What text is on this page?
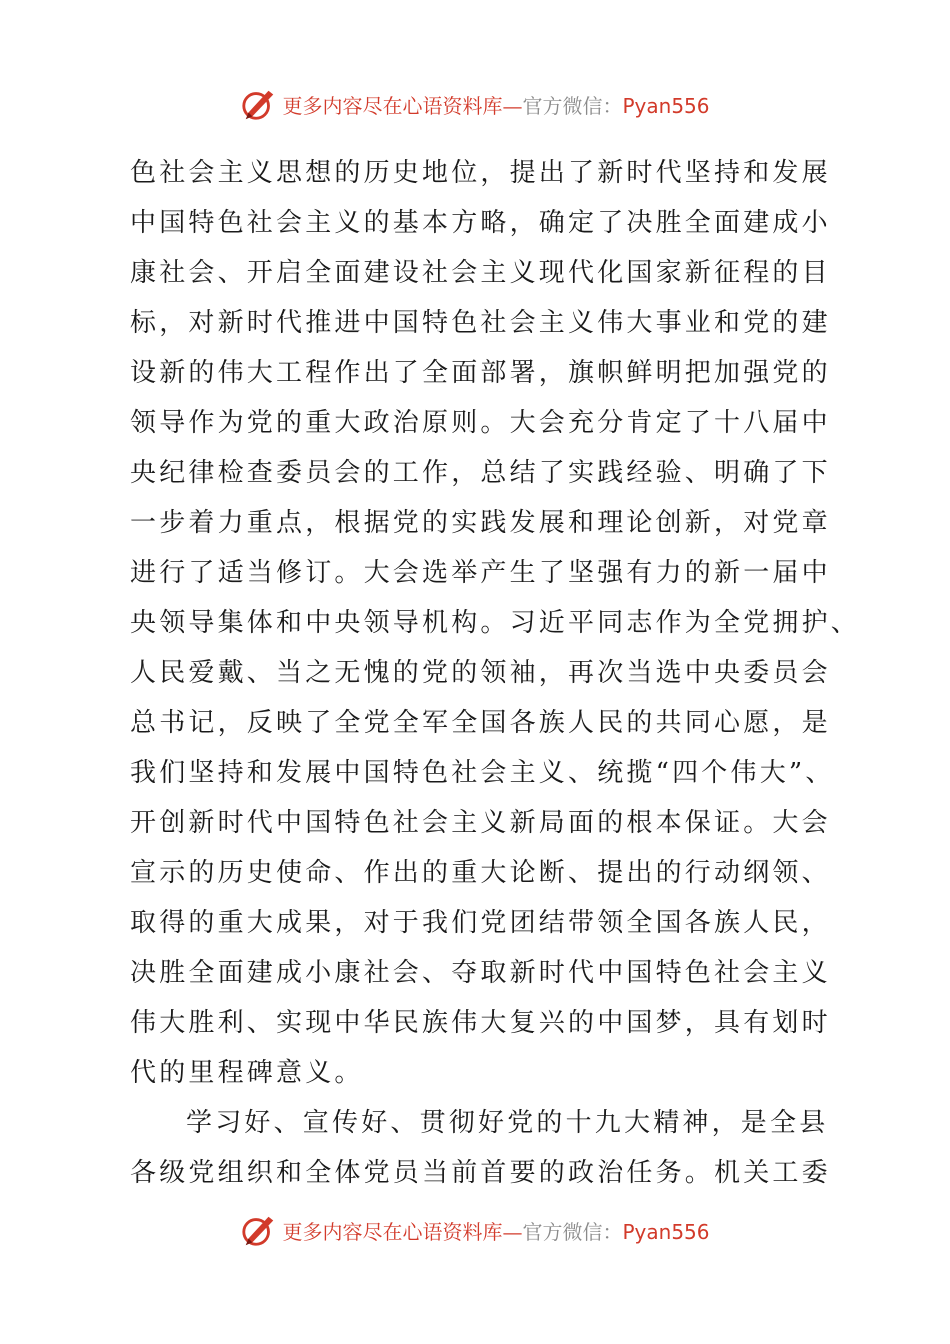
更多内容尽在心语资料库—官方微信：Pyan556
色社会主义思想的历史地位，提出了新时代坚持和发展
中国特色社会主义的基本方略，确定了决胜全面建成小
康社会、开启全面建设社会主义现代化国家新征程的目
标，对新时代推进中国特色社会主义伟大事业和党的建
设新的伟大工程作出了全面部署，旗帜鲜明把加强党的
领导作为党的重大政治原则。大会充分肯定了十八届中
央纪律检查委员会的工作，总结了实践经验、明确了下
一步着力重点，根据党的实践发展和理论创新，对党章
进行了适当修订。大会选举产生了坚强有力的新一届中
央领导集体和中央领导机构。习近平同志作为全党拥护、
人民爱戴、当之无愧的党的领袖，再次当选中央委员会
总书记，反映了全党全军全国各族人民的共同心愿，是
我们坚持和发展中国特色社会主义、统揽“四个伟大”、
开创新时代中国特色社会主义新局面的根本保证。大会
宣示的历史使命、作出的重大论断、提出的行动纲领、
取得的重大成果，对于我们党团结带领全国各族人民，
决胜全面建成小康社会、夺取新时代中国特色社会主义
伟大胜利、实现中华民族伟大复兴的中国梦，具有划时
代的里程碑意义。
学习好、宣传好、贯彻好党的十九大精神，是全县
各级党组织和全体党员当前首要的政治任务。机关工委
更多内容尽在心语资料库—官方微信：Pyan556
